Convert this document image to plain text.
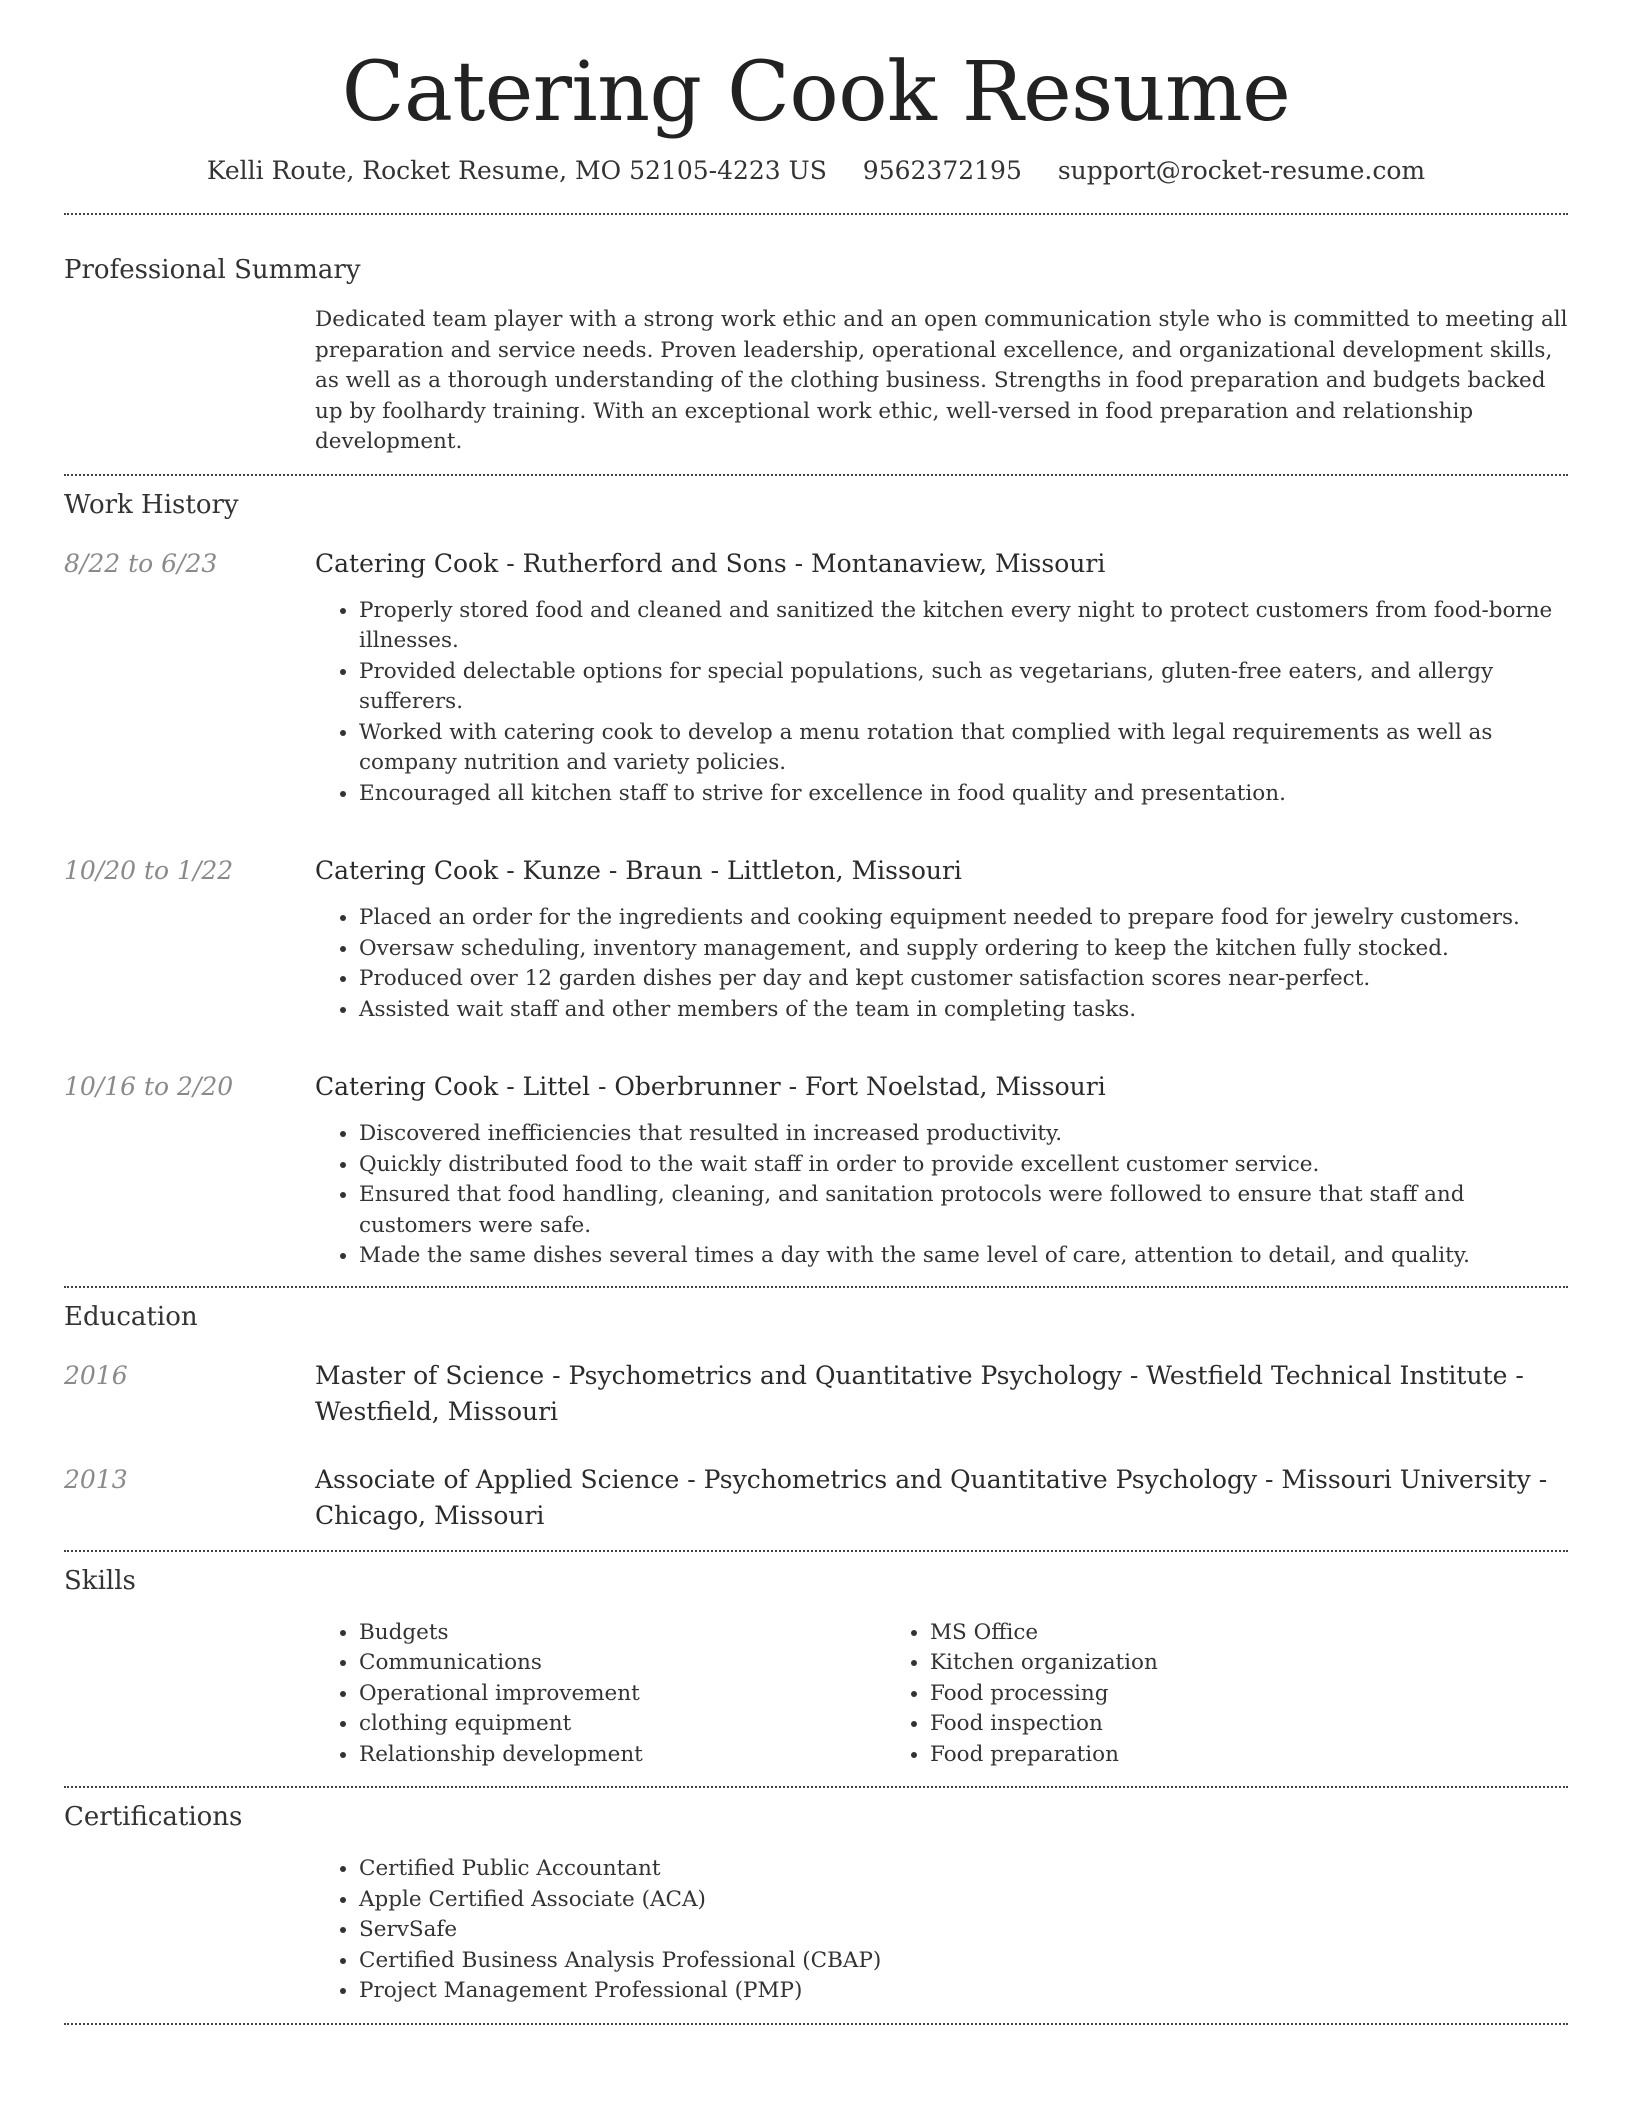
Catering Cook Resume
Kelli Route, Rocket Resume, MO 52105-4223 US 9562372195 support@rocket-resume.com
Professional Summary

Dedicated team player with a strong work ethic and an open communication style who is committed to meeting all preparation and service needs. Proven leadership, operational excellence, and organizational development skills, as well as a thorough understanding of the clothing business. Strengths in food preparation and budgets backed up by foolhardy training. With an exceptional work ethic, well-versed in food preparation and relationship development.

Work History
8/22 to 6/23	Catering Cook - Rutherford and Sons - Montanaview, Missouri
• Properly stored food and cleaned and sanitized the kitchen every night to protect customers from food-borne illnesses.
• Provided delectable options for special populations, such as vegetarians, gluten-free eaters, and allergy sufferers.
• Worked with catering cook to develop a menu rotation that complied with legal requirements as well as company nutrition and variety policies.
• Encouraged all kitchen staff to strive for excellence in food quality and presentation.
10/20 to 1/22	Catering Cook - Kunze - Braun - Littleton, Missouri
• Placed an order for the ingredients and cooking equipment needed to prepare food for jewelry customers.
• Oversaw scheduling, inventory management, and supply ordering to keep the kitchen fully stocked.
• Produced over 12 garden dishes per day and kept customer satisfaction scores near-perfect.
• Assisted wait staff and other members of the team in completing tasks.
10/16 to 2/20	Catering Cook - Littel - Oberbrunner - Fort Noelstad, Missouri
• Discovered inefficiencies that resulted in increased productivity.
• Quickly distributed food to the wait staff in order to provide excellent customer service.
• Ensured that food handling, cleaning, and sanitation protocols were followed to ensure that staff and customers were safe.
• Made the same dishes several times a day with the same level of care, attention to detail, and quality.
Education
2016	Master of Science - Psychometrics and Quantitative Psychology - Westfield Technical Institute - Westfield, Missouri
2013	Associate of Applied Science - Psychometrics and Quantitative Psychology - Missouri University - Chicago, Missouri
Skills
• Budgets
• Communications
• Operational improvement
• clothing equipment
• Relationship development
• MS Office
• Kitchen organization
• Food processing
• Food inspection
• Food preparation
Certifications
• Certified Public Accountant
• Apple Certified Associate (ACA)
• ServSafe
• Certified Business Analysis Professional (CBAP)
• Project Management Professional (PMP)
